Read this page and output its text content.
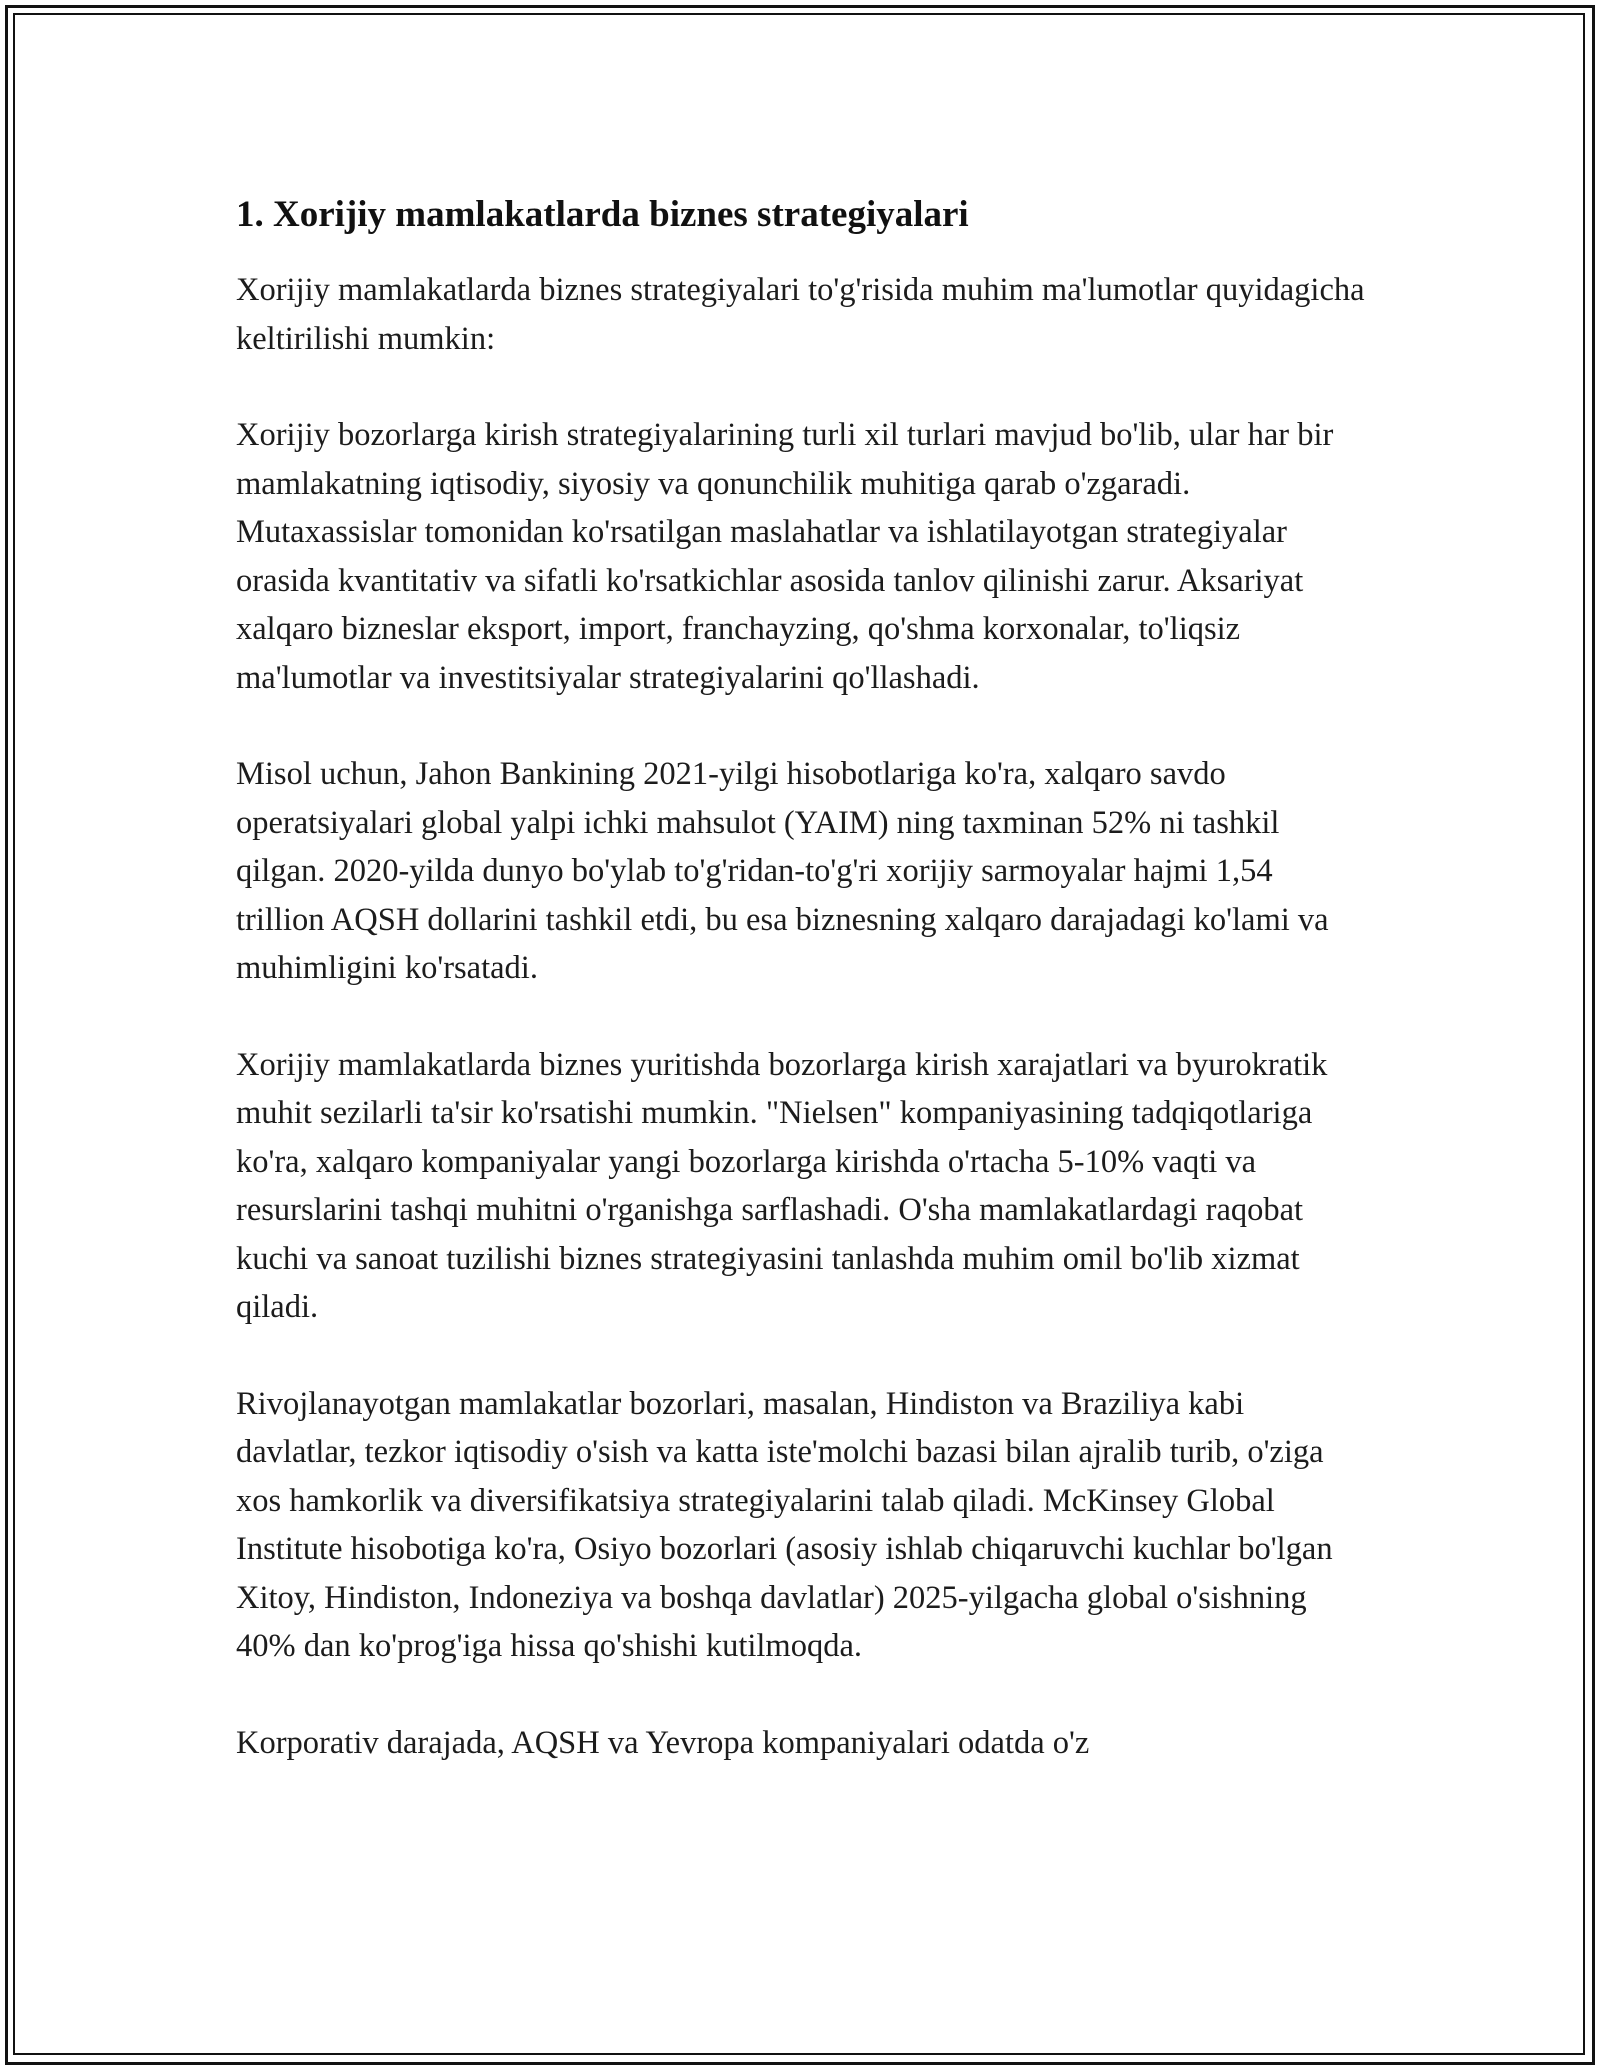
1. Xorijiy mamlakatlarda biznes strategiyalari

Xorijiy mamlakatlarda biznes strategiyalari to'g'risida muhim ma'lumotlar quyidagicha keltirilishi mumkin:

Xorijiy bozorlarga kirish strategiyalarining turli xil turlari mavjud bo'lib, ular har bir mamlakatning iqtisodiy, siyosiy va qonunchilik muhitiga qarab o'zgaradi. Mutaxassislar tomonidan ko'rsatilgan maslahatlar va ishlatilayotgan strategiyalar orasida kvantitativ va sifatli ko'rsatkichlar asosida tanlov qilinishi zarur. Aksariyat xalqaro bizneslar eksport, import, franchayzing, qo'shma korxonalar, to'liqsiz ma'lumotlar va investitsiyalar strategiyalarini qo'llashadi.

Misol uchun, Jahon Bankining 2021-yilgi hisobotlariga ko'ra, xalqaro savdo operatsiyalari global yalpi ichki mahsulot (YAIM) ning taxminan 52% ni tashkil qilgan. 2020-yilda dunyo bo'ylab to'g'ridan-to'g'ri xorijiy sarmoyalar hajmi 1,54 trillion AQSH dollarini tashkil etdi, bu esa biznesning xalqaro darajadagi ko'lami va muhimligini ko'rsatadi.

Xorijiy mamlakatlarda biznes yuritishda bozorlarga kirish xarajatlari va byurokratik muhit sezilarli ta'sir ko'rsatishi mumkin. "Nielsen" kompaniyasining tadqiqotlariga ko'ra, xalqaro kompaniyalar yangi bozorlarga kirishda o'rtacha 5-10% vaqti va resurslarini tashqi muhitni o'rganishga sarflashadi. O'sha mamlakatlardagi raqobat kuchi va sanoat tuzilishi biznes strategiyasini tanlashda muhim omil bo'lib xizmat qiladi.

Rivojlanayotgan mamlakatlar bozorlari, masalan, Hindiston va Braziliya kabi davlatlar, tezkor iqtisodiy o'sish va katta iste'molchi bazasi bilan ajralib turib, o'ziga xos hamkorlik va diversifikatsiya strategiyalarini talab qiladi. McKinsey Global Institute hisobotiga ko'ra, Osiyo bozorlari (asosiy ishlab chiqaruvchi kuchlar bo'lgan Xitoy, Hindiston, Indoneziya va boshqa davlatlar) 2025-yilgacha global o'sishning 40% dan ko'prog'iga hissa qo'shishi kutilmoqda.

Korporativ darajada, AQSH va Yevropa kompaniyalari odatda o'z
